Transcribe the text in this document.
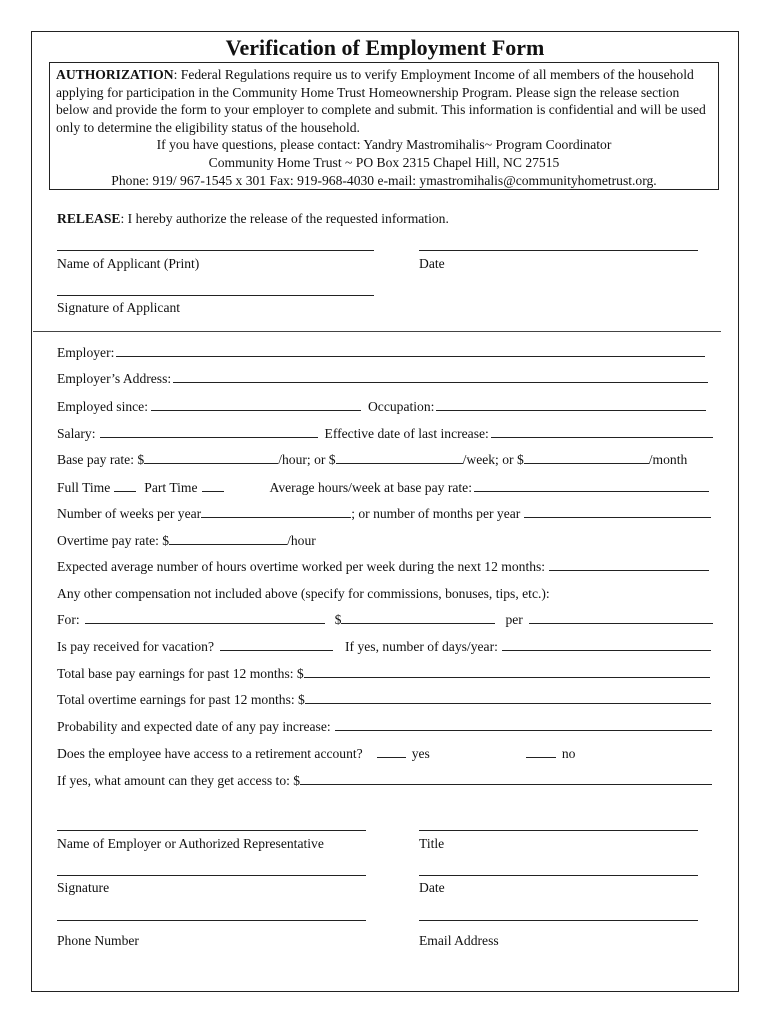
Verification of Employment Form

AUTHORIZATION: Federal Regulations require us to verify Employment Income of all members of the household applying for participation in the Community Home Trust Homeownership Program. Please sign the release section below and provide the form to your employer to complete and submit. This information is confidential and will be used only to determine the eligibility status of the household.

If you have questions, please contact: Yandry Mastromihalis~ Program Coordinator

Community Home Trust ~ PO Box 2315 Chapel Hill, NC 27515

Phone: 919/ 967-1545 x 301 Fax: 919-968-4030 e-mail: ymastromihalis@communityhometrust.org.

RELEASE: I hereby authorize the release of the requested information.
Name of Applicant (Print)	Date
Signature of Applicant
Employer:
Employer’s Address:
Employed since:	Occupation:
Salary:	Effective date of last increase:
Base pay rate: $	/hour; or $	/week; or $	/month
Full Time	Part Time	Average hours/week at base pay rate:
Number of weeks per year	; or number of months per year
Overtime pay rate: $	/hour
Expected average number of hours overtime worked per week during the next 12 months:
Any other compensation not included above (specify for commissions, bonuses, tips, etc.):
For:	$	per
Is pay received for vacation?	If yes, number of days/year:
Total base pay earnings for past 12 months: $
Total overtime earnings for past 12 months: $
Probability and expected date of any pay increase:
Does the employee have access to a retirement account?	yes	no
If yes, what amount can they get access to: $
Name of Employer or Authorized Representative	Title
Signature	Date
Phone Number	Email Address
